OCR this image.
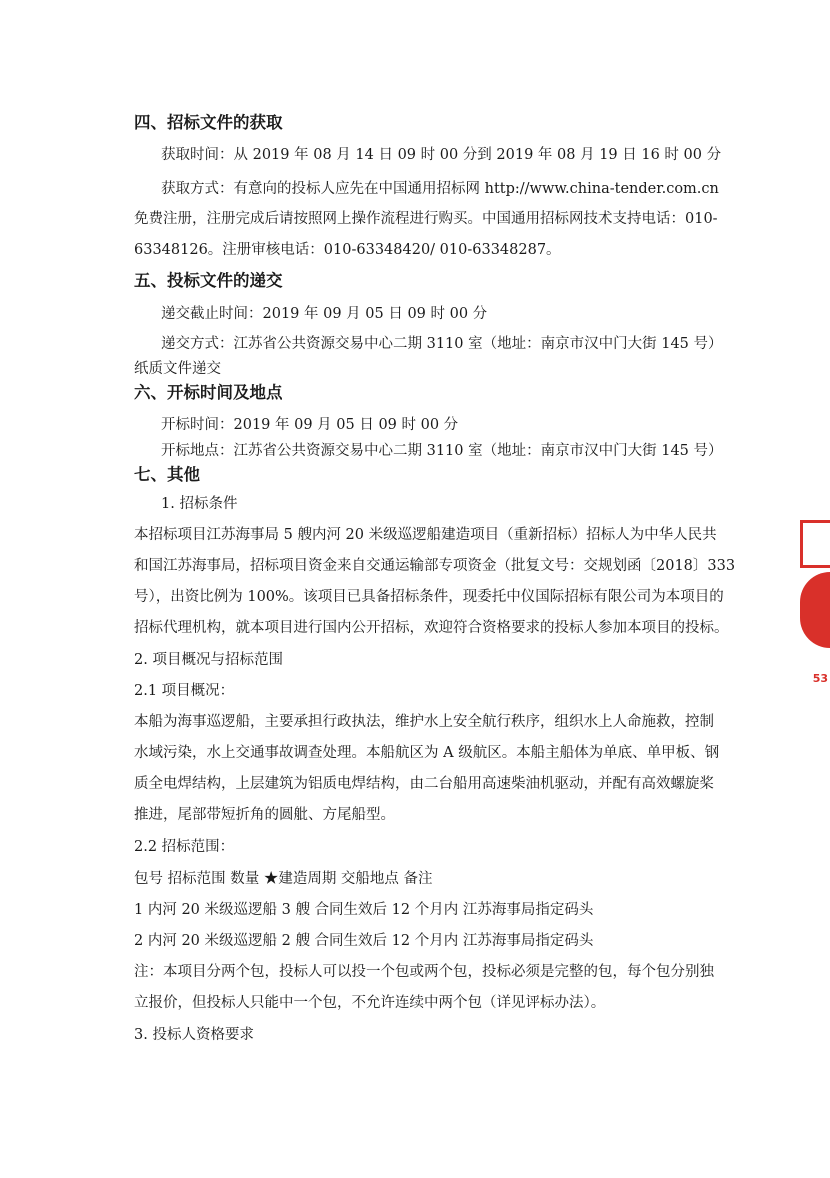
四、招标文件的获取
获取时间：从 2019 年 08 月 14 日 09 时 00 分到 2019 年 08 月 19 日 16 时 00 分
获取方式：有意向的投标人应先在中国通用招标网 http://www.china-tender.com.cn
免费注册，注册完成后请按照网上操作流程进行购买。中国通用招标网技术支持电话：010-
63348126。注册审核电话：010-63348420/ 010-63348287。
五、投标文件的递交
递交截止时间：2019 年 09 月 05 日 09 时 00 分
递交方式：江苏省公共资源交易中心二期 3110 室（地址：南京市汉中门大街 145 号）
纸质文件递交
六、开标时间及地点
开标时间：2019 年 09 月 05 日 09 时 00 分
开标地点：江苏省公共资源交易中心二期 3110 室（地址：南京市汉中门大街 145 号）
七、其他
1. 招标条件
本招标项目江苏海事局 5 艘内河 20 米级巡逻船建造项目（重新招标）招标人为中华人民共
和国江苏海事局，招标项目资金来自交通运输部专项资金（批复文号：交规划函〔2018〕333
号），出资比例为 100%。该项目已具备招标条件，现委托中仪国际招标有限公司为本项目的
招标代理机构，就本项目进行国内公开招标，欢迎符合资格要求的投标人参加本项目的投标。
2. 项目概况与招标范围
2.1 项目概况：
本船为海事巡逻船，主要承担行政执法，维护水上安全航行秩序，组织水上人命施救，控制
水域污染，水上交通事故调查处理。本船航区为 A 级航区。本船主船体为单底、单甲板、钢
质全电焊结构，上层建筑为铝质电焊结构，由二台船用高速柴油机驱动，并配有高效螺旋桨
推进，尾部带短折角的圆舭、方尾船型。
2.2 招标范围：
包号 招标范围 数量 ★建造周期 交船地点 备注
1 内河 20 米级巡逻船 3 艘 合同生效后 12 个月内 江苏海事局指定码头
2 内河 20 米级巡逻船 2 艘 合同生效后 12 个月内 江苏海事局指定码头
注：本项目分两个包，投标人可以投一个包或两个包，投标必须是完整的包，每个包分别独
立报价，但投标人只能中一个包，不允许连续中两个包（详见评标办法）。
3. 投标人资格要求
53
